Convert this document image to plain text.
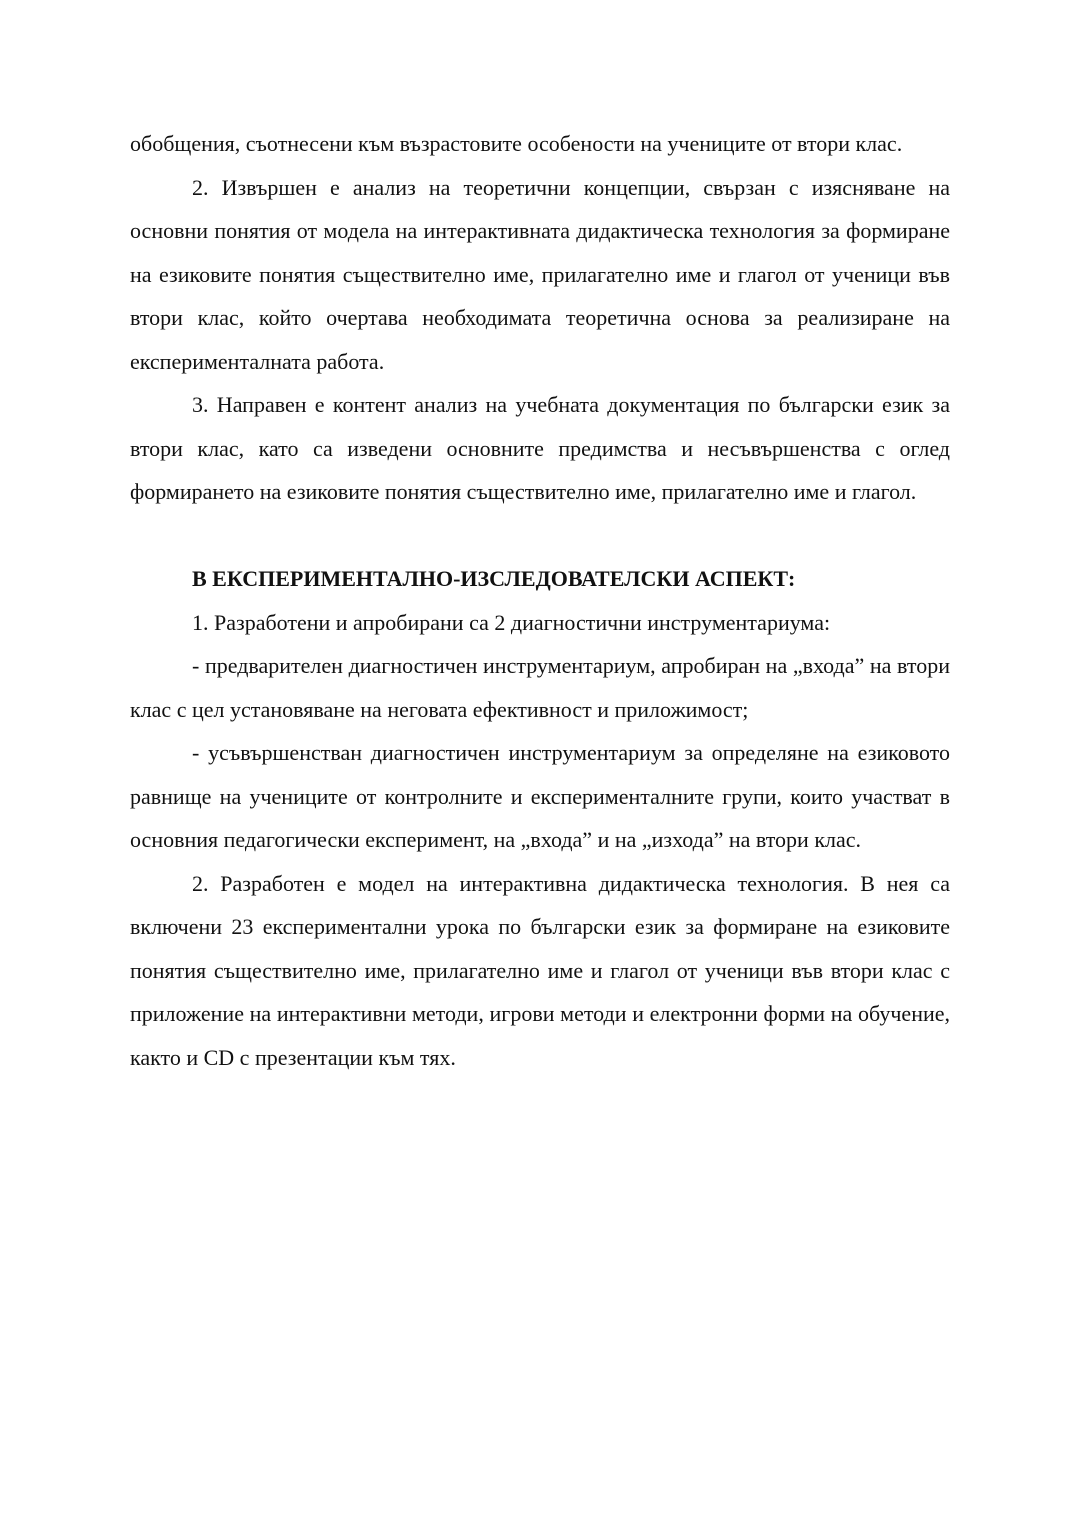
обобщения, съотнесени към възрастовите особености на учениците от втори клас.

2. Извършен е анализ на теоретични концепции, свързан с изясняване на основни понятия от модела на интерактивната дидактическа технология за формиране на езиковите понятия съществително име, прилагателно име и глагол от ученици във втори клас, който очертава необходимата теоретична основа за реализиране на експерименталната работа.

3. Направен е контент анализ на учебната документация по български език за втори клас, като са изведени основните предимства и несъвършенства с оглед формирането на езиковите понятия съществително име, прилагателно име и глагол.

В ЕКСПЕРИМЕНТАЛНО-ИЗСЛЕДОВАТЕЛСКИ АСПЕКТ:

1. Разработени и апробирани са 2 диагностични инструментариума:

- предварителен диагностичен инструментариум, апробиран на „входа” на втори клас с цел установяване на неговата ефективност и приложимост;

- усъвършенстван диагностичен инструментариум за определяне на езиковото равнище на учениците от контролните и експерименталните групи, които участват в основния педагогически експеримент, на „входа” и на „изхода” на втори клас.

2. Разработен е модел на интерактивна дидактическа технология. В нея са включени 23 експериментални урока по български език за формиране на езиковите понятия съществително име, прилагателно име и глагол от ученици във втори клас с приложение на интерактивни методи, игрови методи и електронни форми на обучение, както и CD с презентации към тях.
